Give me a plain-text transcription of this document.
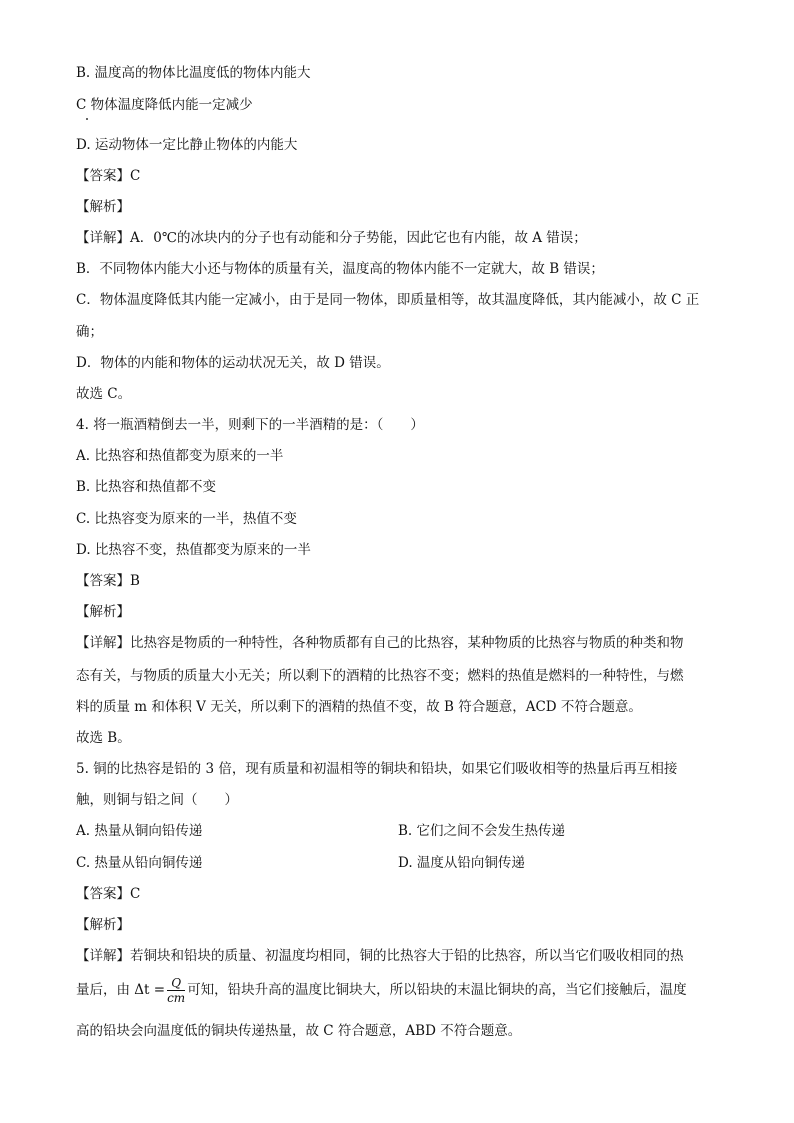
B. 温度高的物体比温度低的物体内能大
C 物体温度降低内能一定减少
D. 运动物体一定比静止物体的内能大
【答案】C
【解析】
【详解】A．0℃的冰块内的分子也有动能和分子势能，因此它也有内能，故 A 错误；
B．不同物体内能大小还与物体的质量有关，温度高的物体内能不一定就大，故 B 错误；
C．物体温度降低其内能一定减小，由于是同一物体，即质量相等，故其温度降低，其内能减小，故 C 正
确；
D．物体的内能和物体的运动状况无关，故 D 错误。
故选 C。
4. 将一瓶酒精倒去一半，则剩下的一半酒精的是：（　　）
A. 比热容和热值都变为原来的一半
B. 比热容和热值都不变
C. 比热容变为原来的一半，热值不变
D. 比热容不变，热值都变为原来的一半
【答案】B
【解析】
【详解】比热容是物质的一种特性，各种物质都有自己的比热容，某种物质的比热容与物质的种类和物
态有关，与物质的质量大小无关；所以剩下的酒精的比热容不变；燃料的热值是燃料的一种特性，与燃
料的质量 m 和体积 V 无关，所以剩下的酒精的热值不变，故 B 符合题意，ACD 不符合题意。
故选 B。
5. 铜的比热容是铅的 3 倍，现有质量和初温相等的铜块和铅块，如果它们吸收相等的热量后再互相接
触，则铜与铅之间（　　）
A. 热量从铜向铅传递	B. 它们之间不会发生热传递
C. 热量从铅向铜传递	D. 温度从铅向铜传递
【答案】C
【解析】
【详解】若铜块和铅块的质量、初温度均相同，铜的比热容大于铅的比热容，所以当它们吸收相同的热
量后，由 $\Delta t = \frac{Q}{cm}$ 可知，铅块升高的温度比铜块大，所以铅块的末温比铜块的高，当它们接触后，温度
高的铅块会向温度低的铜块传递热量，故 C 符合题意，ABD 不符合题意。
